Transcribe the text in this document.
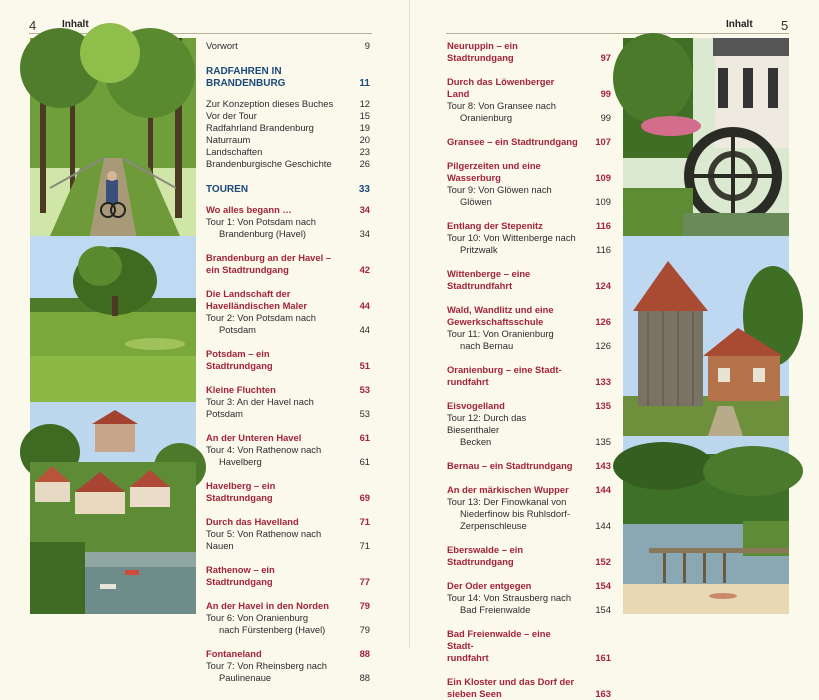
4	Inhalt
Vorwort	9
RADFAHREN IN BRANDENBURG	11
Zur Konzeption dieses Buches	12
Vor der Tour	15
Radfahrland Brandenburg	19
Naturraum	20
Landschaften	23
Brandenburgische Geschichte	26
TOUREN	33
Wo alles begann …	34
Tour 1: Von Potsdam nach
Brandenburg (Havel)	34
Brandenburg an der Havel –
ein Stadtrundgang	42
Die Landschaft der
Havelländischen Maler	44
Tour 2: Von Potsdam nach
Potsdam	44
Potsdam – ein Stadtrundgang	51
Kleine Fluchten	53
Tour 3: An der Havel nach Potsdam	53
An der Unteren Havel	61
Tour 4: Von Rathenow nach
Havelberg	61
Havelberg – ein Stadtrundgang	69
Durch das Havelland	71
Tour 5: Von Rathenow nach Nauen	71
Rathenow – ein Stadtrundgang	77
An der Havel in den Norden	79
Tour 6: Von Oranienburg
nach Fürstenberg (Havel)	79
Fontaneland	88
Tour 7: Von Rheinsberg nach
Paulinenaue	88
Inhalt 5
Neuruppin – ein Stadtrundgang	97
Durch das Löwenberger Land	99
Tour 8: Von Gransee nach
Oranienburg	99
Gransee – ein Stadtrundgang 107
Pilgerzeiten und eine Wasserburg	109
Tour 9: Von Glöwen nach
Glöwen	109
Entlang der Stepenitz	116
Tour 10: Von Wittenberge nach
Pritzwalk	116
Wittenberge – eine Stadtrundfahrt	124
Wald, Wandlitz und eine
Gewerkschaftsschule	126
Tour 11: Von Oranienburg
nach Bernau	126
Oranienburg – eine Stadt-
rundfahrt	133
Eisvogelland	135
Tour 12: Durch das Biesenthaler
Becken	135
Bernau – ein Stadtrundgang	143
An der märkischen Wupper	144
Tour 13: Der Finowkanal von
Niederfinow bis Ruhlsdorf-
Zerpenschleuse	144
Eberswalde – ein Stadtrundgang	152
Der Oder entgegen	154
Tour 14: Von Strausberg nach
Bad Freienwalde	154
Bad Freienwalde – eine Stadt-
rundfahrt	161
Ein Kloster und das Dorf der
sieben Seen	163
